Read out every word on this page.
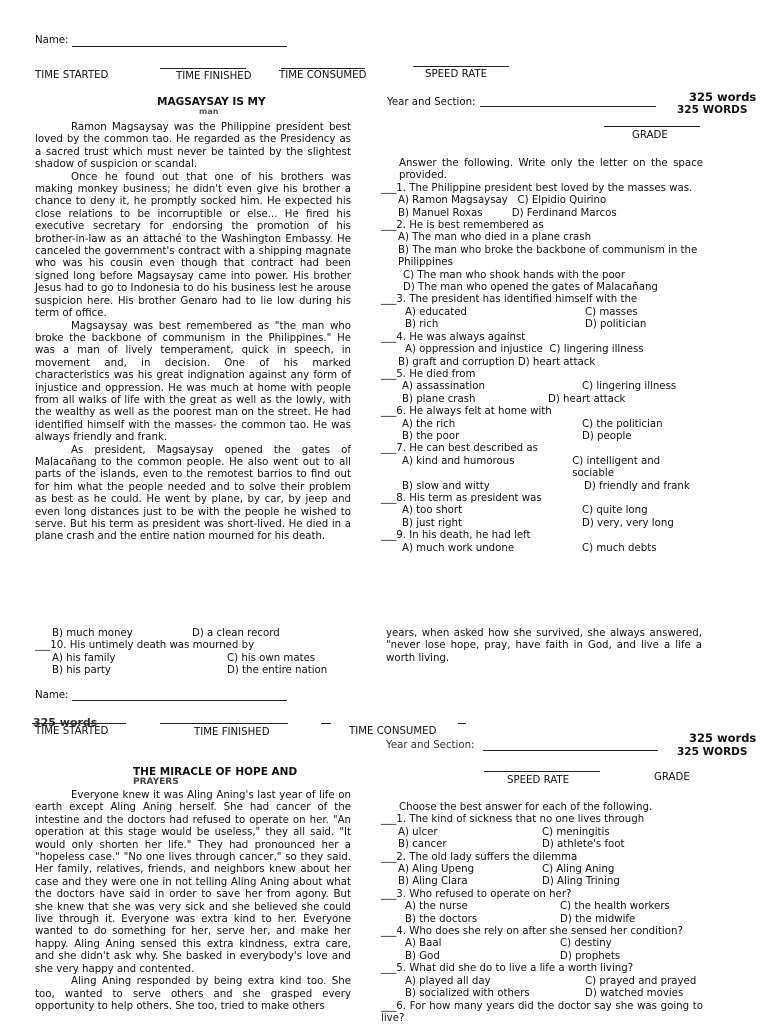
Name:
TIME STARTED	TIME FINISHED	TIME CONSUMED	SPEED RATE
MAGSAYSAY IS MY
man
Year and Section:	325 words
325 WORDS
GRADE

Ramon Magsaysay was the Philippine president best loved by the common tao. He regarded as the Presidency as a sacred trust which must never be tainted by the slightest shadow of suspicion or scandal.

Once he found out that one of his brothers was making monkey business; he didn't even give his brother a chance to deny it, he promptly socked him. He expected his close relations to be incorruptible or else... He fired his executive secretary for endorsing the promotion of his brother-in-law as an attaché to the Washington Embassy. He canceled the government's contract with a shipping magnate who was his cousin even though that contract had been signed long before Magsaysay came into power. His brother Jesus had to go to Indonesia to do his business lest he arouse suspicion here. His brother Genaro had to lie low during his term of office.

Magsaysay was best remembered as "the man who broke the backbone of communism in the Philippines." He was a man of lively temperament, quick in speech, in movement and, in decision. One of his marked characteristics was his great indignation against any form of injustice and oppression. He was much at home with people from all walks of life with the great as well as the lowly, with the wealthy as well as the poorest man on the street. He had identified himself with the masses- the common tao. He was always friendly and frank.

As president, Magsaysay opened the gates of Malacañang to the common people. He also went out to all parts of the islands, even to the remotest barrios to find out for him what the people needed and to solve their problem as best as he could. He went by plane, by car, by jeep and even long distances just to be with the people he wished to serve. But his term as president was short-lived. He died in a plane crash and the entire nation mourned for his death.

Answer the following. Write only the letter on the space provided.

___1. The Philippine president best loved by the masses was.

A) Ramon Magsaysay   C) Elpidio Quirino

B) Manuel Roxas         D) Ferdinand Marcos

___2. He is best remembered as

A) The man who died in a plane crash

B) The man who broke the backbone of communism in the Philippines

C) The man who shook hands with the poor

D) The man who opened the gates of Malacañang

___3. The president has identified himself with the

A) educated	C) masses
B) rich	D) politician

___4. He was always against

A) oppression and injustice  C) lingering illness

B) graft and corruption D) heart attack

___5. He died from

A) assassination	C) lingering illness
B) plane crash	D) heart attack

___6. He always felt at home with

A) the rich	C) the politician
B) the poor	D) people

___7. He can best described as

A) kind and humorous	C) intelligent and sociable
B) slow and witty	D) friendly and frank

___8. His term as president was

A) too short	C) quite long
B) just right	D) very, very long

___9. In his death, he had left

A) much work undone	C) much debts
B) much money	D) a clean record

___10. His untimely death was mourned by

A) his family	C) his own mates
B) his party	D) the entire nation

years, when asked how she survived, she always answered, "never lose hope, pray, have faith in God, and live a life a worth living.

Name:
325 words
TIME STARTED	TIME FINISHED	TIME CONSUMED
Year and Section:
325 words
325 WORDS
SPEED RATE	GRADE
THE MIRACLE OF HOPE AND
PRAYERS

Everyone knew it was Aling Aning's last year of life on earth except Aling Aning herself. She had cancer of the intestine and the doctors had refused to operate on her. "An operation at this stage would be useless," they all said. "It would only shorten her life." They had pronounced her a "hopeless case." "No one lives through cancer," so they said. Her family, relatives, friends, and neighbors knew about her case and they were one in not telling Aling Aning about what the doctors have said in order to save her from agony. But she knew that she was very sick and she believed she could live through it. Everyone was extra kind to her. Everyone wanted to do something for her, serve her, and make her happy. Aling Aning sensed this extra kindness, extra care, and she didn't ask why. She basked in everybody's love and she very happy and contented.

Aling Aning responded by being extra kind too. She too, wanted to serve others and she grasped every opportunity to help others. She too, tried to make others

Choose the best answer for each of the following.

___1. The kind of sickness that no one lives through

A) ulcer	C) meningitis
B) cancer	D) athlete's foot

___2. The old lady suffers the dilemma

A) Aling Upeng	C) Aling Aning
B) Aling Clara	D) Aling Trining

___3. Who refused to operate on her?

A) the nurse	C) the health workers
B) the doctors	D) the midwife

___4. Who does she rely on after she sensed her condition?

A) Baal	C) destiny
B) God	D) prophets

___5. What did she do to live a life a worth living?

A) played all day	C) prayed and prayed
B) socialized with others	D) watched movies

___6. For how many years did the doctor say she was going to live?
